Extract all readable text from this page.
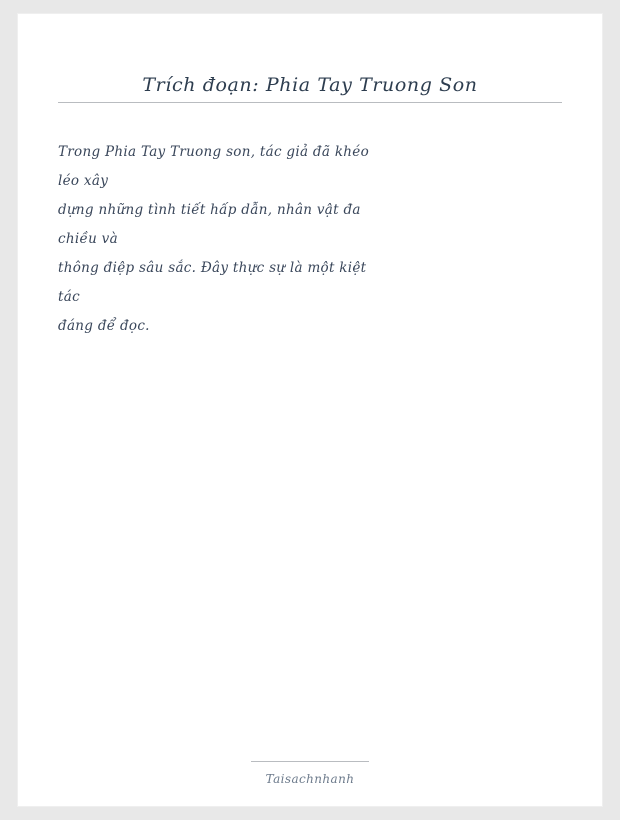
Trích đoạn: Phia Tay Truong Son
Trong Phia Tay Truong son, tác giả đã khéo
léo xây
dựng những tình tiết hấp dẫn, nhân vật đa
chiều và
thông điệp sâu sắc. Đây thực sự là một kiệt
tác
đáng để đọc.
Taisachnhanh
